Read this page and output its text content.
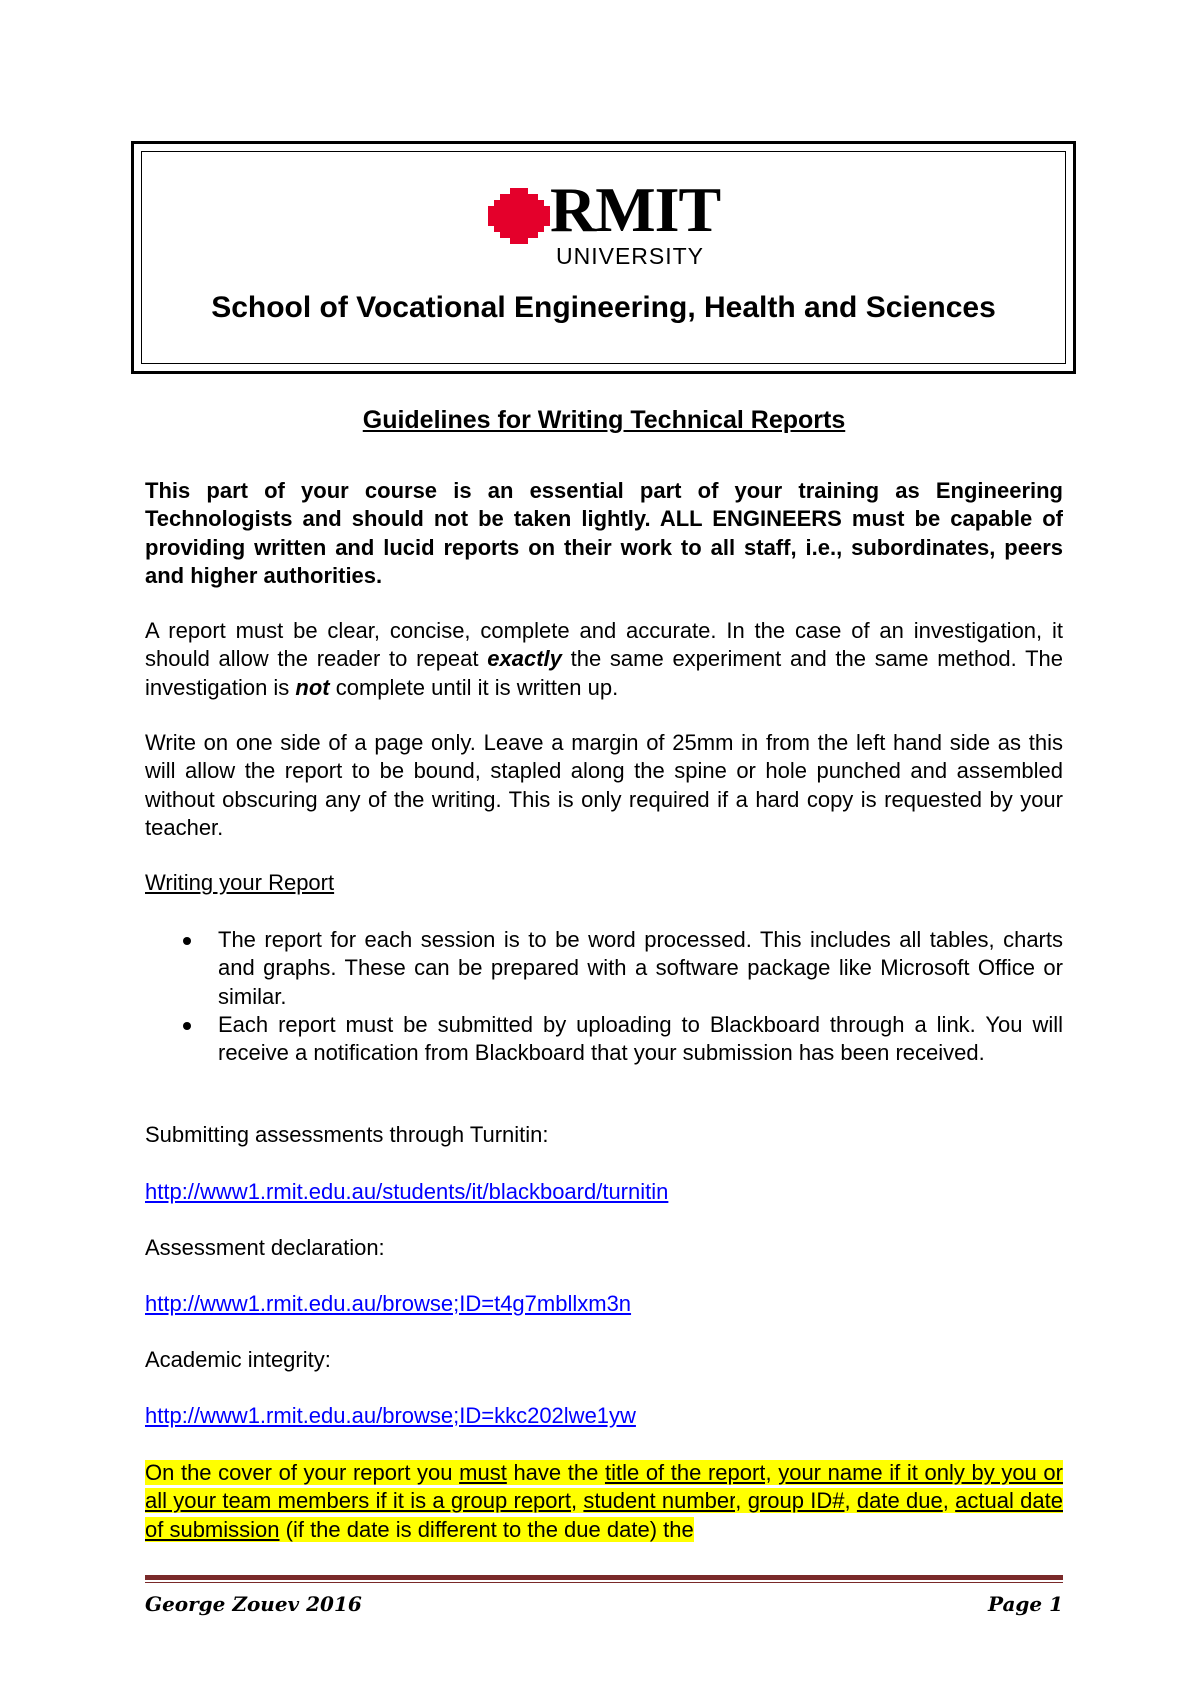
RMIT
UNIVERSITY
School of Vocational Engineering, Health and Sciences
Guidelines for Writing Technical Reports
This part of your course is an essential part of your training as Engineering Technologists and should not be taken lightly. ALL ENGINEERS must be capable of providing written and lucid reports on their work to all staff, i.e., subordinates, peers and higher authorities.
A report must be clear, concise, complete and accurate. In the case of an investigation, it should allow the reader to repeat exactly the same experiment and the same method. The investigation is not complete until it is written up.
Write on one side of a page only. Leave a margin of 25mm in from the left hand side as this will allow the report to be bound, stapled along the spine or hole punched and assembled without obscuring any of the writing. This is only required if a hard copy is requested by your teacher.
Writing your Report
The report for each session is to be word processed. This includes all tables, charts and graphs. These can be prepared with a software package like Microsoft Office or similar.
Each report must be submitted by uploading to Blackboard through a link. You will receive a notification from Blackboard that your submission has been received.
Submitting assessments through Turnitin:
http://www1.rmit.edu.au/students/it/blackboard/turnitin
Assessment declaration:
http://www1.rmit.edu.au/browse;ID=t4g7mbllxm3n
Academic integrity:
http://www1.rmit.edu.au/browse;ID=kkc202lwe1yw
On the cover of your report you must have the title of the report, your name if it only by you or all your team members if it is a group report, student number, group ID#, date due, actual date of submission (if the date is different to the due date) the
George Zouev 2016	Page 1
